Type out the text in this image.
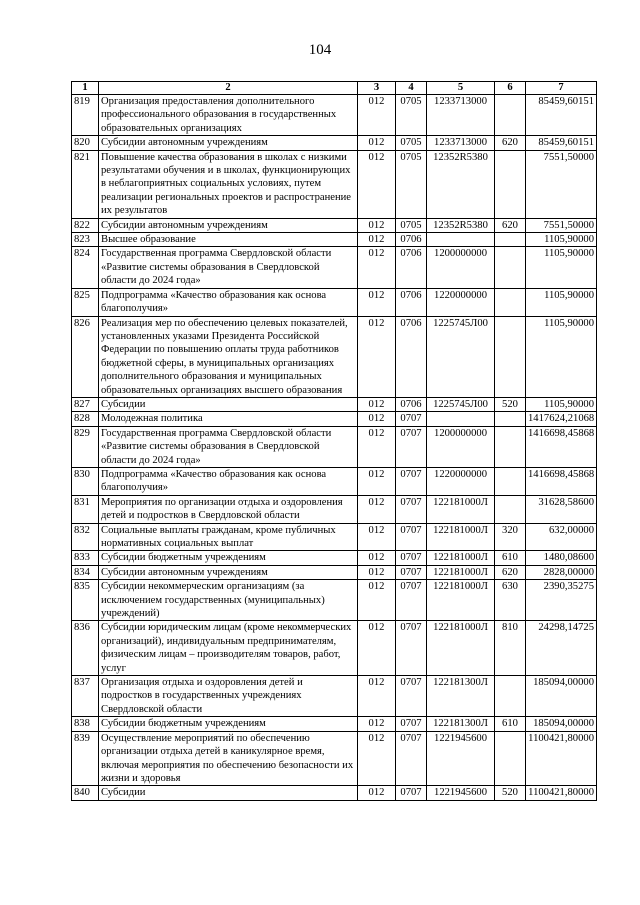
104
1	2	3	4	5	6	7
819	Организация предоставления дополнительного профессионального образования в государственных образовательных организациях	012	0705	1233713000		85459,60151
820	Субсидии автономным учреждениям	012	0705	1233713000	620	85459,60151
821	Повышение качества образования в школах с низкими результатами обучения и в школах, функционирующих в неблагоприятных социальных условиях, путем реализации региональных проектов и распространение их результатов	012	0705	12352R5380		7551,50000
822	Субсидии автономным учреждениям	012	0705	12352R5380	620	7551,50000
823	Высшее образование	012	0706			1105,90000
824	Государственная программа Свердловской области «Развитие системы образования в Свердловской области до 2024 года»	012	0706	1200000000		1105,90000
825	Подпрограмма «Качество образования как основа благополучия»	012	0706	1220000000		1105,90000
826	Реализация мер по обеспечению целевых показателей, установленных указами Президента Российской Федерации по повышению оплаты труда работников бюджетной сферы, в муниципальных организациях дополнительного образования и муниципальных образовательных организациях высшего образования	012	0706	1225745Л00		1105,90000
827	Субсидии	012	0706	1225745Л00	520	1105,90000
828	Молодежная политика	012	0707			1417624,21068
829	Государственная программа Свердловской области «Развитие системы образования в Свердловской области до 2024 года»	012	0707	1200000000		1416698,45868
830	Подпрограмма «Качество образования как основа благополучия»	012	0707	1220000000		1416698,45868
831	Мероприятия по организации отдыха и оздоровления детей и подростков в Свердловской области	012	0707	122181000Л		31628,58600
832	Социальные выплаты гражданам, кроме публичных нормативных социальных выплат	012	0707	122181000Л	320	632,00000
833	Субсидии бюджетным учреждениям	012	0707	122181000Л	610	1480,08600
834	Субсидии автономным учреждениям	012	0707	122181000Л	620	2828,00000
835	Субсидии некоммерческим организациям (за исключением государственных (муниципальных) учреждений)	012	0707	122181000Л	630	2390,35275
836	Субсидии юридическим лицам (кроме некоммерческих организаций), индивидуальным предпринимателям, физическим лицам – производителям товаров, работ, услуг	012	0707	122181000Л	810	24298,14725
837	Организация отдыха и оздоровления детей и подростков в государственных учреждениях Свердловской области	012	0707	122181300Л		185094,00000
838	Субсидии бюджетным учреждениям	012	0707	122181300Л	610	185094,00000
839	Осуществление мероприятий по обеспечению организации отдыха детей в каникулярное время, включая мероприятия по обеспечению безопасности их жизни и здоровья	012	0707	1221945600		1100421,80000
840	Субсидии	012	0707	1221945600	520	1100421,80000
